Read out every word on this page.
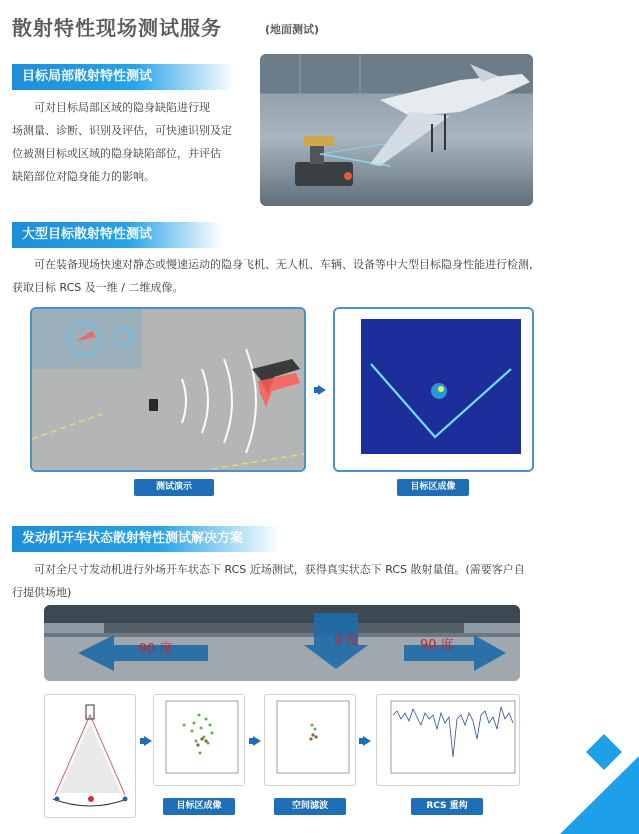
散射特性现场测试服务	(地面测试)
目标局部散射特性测试
可对目标局部区域的隐身缺陷进行现
场测量、诊断、识别及评估，可快速识别及定
位被测目标或区域的隐身缺陷部位，并评估
缺陷部位对隐身能力的影响。
大型目标散射特性测试
可在装备现场快速对静态或慢速运动的隐身飞机、无人机、车辆、设备等中大型目标隐身性能进行检测，
获取目标 RCS 及一维 / 二维成像。
测试演示	目标区成像
发动机开车状态散射特性测试解决方案
可对全尺寸发动机进行外场开车状态下 RCS 近场测试，获得真实状态下 RCS 散射量值。(需要客户自
行提供场地)
-90 度
0 度	90 度
目标区成像	空间滤波	RCS 重构
